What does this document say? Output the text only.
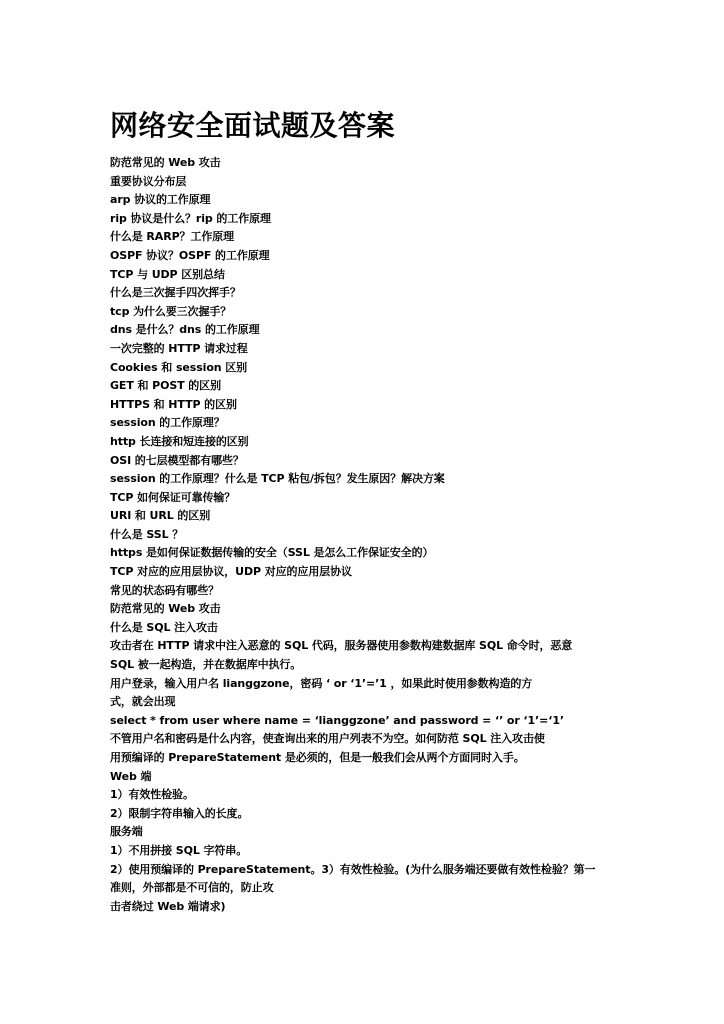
网络安全面试题及答案
防范常见的 Web 攻击
重要协议分布层
arp 协议的工作原理
rip 协议是什么？rip 的工作原理
什么是 RARP？工作原理
OSPF 协议？OSPF 的工作原理
TCP 与 UDP 区别总结
什么是三次握手四次挥手？
tcp 为什么要三次握手？
dns 是什么？dns 的工作原理
一次完整的 HTTP 请求过程
Cookies 和 session 区别
GET 和 POST 的区别
HTTPS 和 HTTP 的区别
session 的工作原理？
http 长连接和短连接的区别
OSI 的七层模型都有哪些？
session 的工作原理？什么是 TCP 粘包/拆包？发生原因？解决方案
TCP 如何保证可靠传输？
URI 和 URL 的区别
什么是 SSL ？
https 是如何保证数据传输的安全（SSL 是怎么工作保证安全的）
TCP 对应的应用层协议，UDP 对应的应用层协议
常见的状态码有哪些？
防范常见的 Web 攻击
什么是 SQL 注入攻击
攻击者在 HTTP 请求中注入恶意的 SQL 代码，服务器使用参数构建数据库 SQL 命令时，恶意
SQL 被一起构造，并在数据库中执行。
用户登录，输入用户名 lianggzone，密码 ‘ or ‘1’=’1 ，如果此时使用参数构造的方
式，就会出现
select * from user where name = ‘lianggzone’ and password = ‘’ or ‘1’=‘1’
不管用户名和密码是什么内容，使查询出来的用户列表不为空。如何防范 SQL 注入攻击使
用预编译的 PrepareStatement 是必须的，但是一般我们会从两个方面同时入手。
Web 端
1）有效性检验。
2）限制字符串输入的长度。
服务端
1）不用拼接 SQL 字符串。
2）使用预编译的 PrepareStatement。3）有效性检验。(为什么服务端还要做有效性检验？第一
准则，外部都是不可信的，防止攻
击者绕过 Web 端请求)
